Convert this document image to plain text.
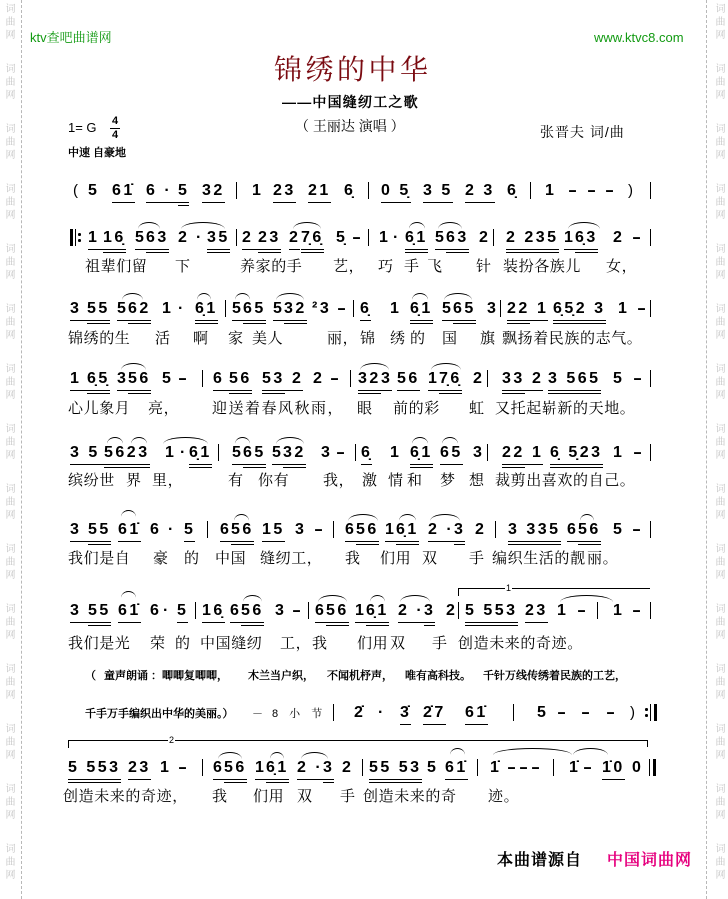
词曲网
词曲网
词曲网
词曲网
词曲网
词曲网
词曲网
词曲网
词曲网
词曲网
词曲网
词曲网
词曲网
词曲网
词曲网
词曲网
词曲网
词曲网
词曲网
词曲网
词曲网
词曲网
词曲网
词曲网
词曲网
词曲网
词曲网
词曲网
词曲网
词曲网
ktv查吧曲谱网	www.ktvc8.com
锦绣的中华
——中国缝纫工之歌
（ 王丽达 演唱 ）
1= G $\frac{4}{4}$
中速 自豪地
张晋夫 词/曲
( 5 61̇ 6 ·
5 32 1 23 21 6̣ 0 5̣ 3 5 2 3 6̣ 1 - - - )
1
16̣ 5 63 2 · 35 2
23 2 7̣6̣ 5̣ - 1 · 6̣1 5 63 2 2 235 1 6̣3 2 -
祖辈们留 下	养家的手 艺， 巧 手 飞 针 装扮各族儿 女，
3
55 5 62 1 · 6̣1 5 65 5 32 ²3 - 6̣ 1 6̣1 5 65 3 22 1 6̣5̣2 3 1 -
锦绣的生 活 啊 家 美人	丽， 锦 绣 的 国 旗 飘扬着民族的志气。
1
6̣5̣ 3 56 5 - 6
56 53 2 2 - 32 3 56 1 7̣6̣ 2 33 2 3 565 5 -
心儿象月 亮， 迎送着春风秋雨， 眼 前的彩 虹 又托起崭新的天地。
3 5
5623 1 · 6̣1 5 65 5 32 3 - 6̣ 1 6̣1 65 3 22 1 6̣ 5̣23 1 -
缤纷世 界 里，	有 你有 我， 激 情 和 梦 想 裁剪出喜欢的自己。
3 55 61̇ 6 · 5 6 56 15 3 - 6 56 1 6̣1 2 · 3 2 3 335 6 56 5 -
我们是自 豪 的 中国 缝纫工， 我 们用 双 手 编织生活的靓 丽。
1
3 55 61̇ 6 · 5 16̣ 6 56 3 - 6 56 1 6̣1 2 · 3 2 5 553 23 1 - 1 -
我们是光 荣 的 中国缝纫 工， 我 们用 双 手 创造未来的奇迹。
（ 童声朗诵 ：唧唧复唧唧， 木兰当户织， 不闻机杼声， 唯有高科技。 千针万线传绣着民族的工艺，
千手万手编织出中华的美丽。） － 8 小 节 2̇ · 3̇ 2̇7 61̇	5 - - - )
2
5 553 23 1 - 6 56 1 6̣1 2 · 3 2 55 53 5 61̇ 1̇ -
-
- 1̇ - 1̇0 0
创造未来的奇迹， 我 们用 双 手 创造未来的奇 迹。
本曲谱源自 中国词曲网
